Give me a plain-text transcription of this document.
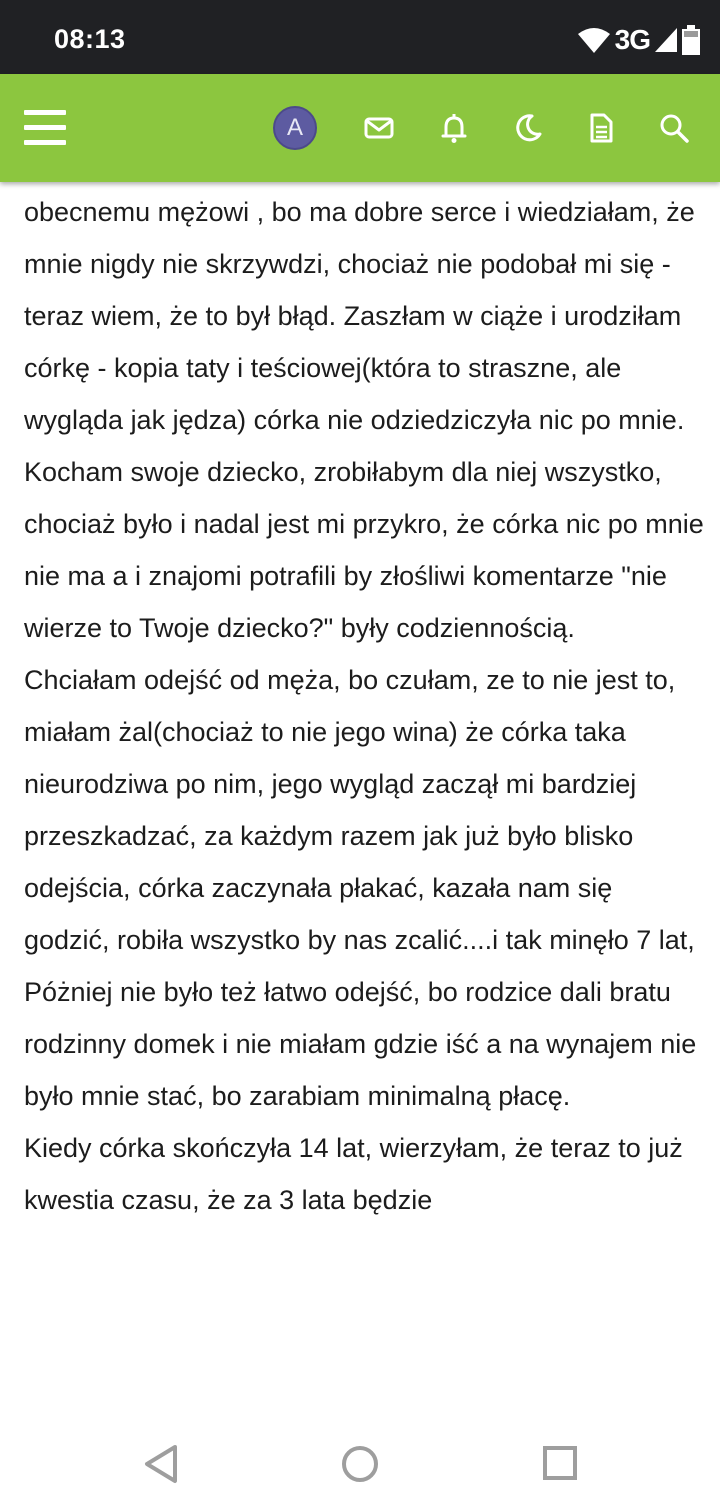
08:13	3G
A

obecnemu mężowi , bo ma dobre serce i wiedziałam, że mnie nigdy nie skrzywdzi, chociaż nie podobał mi się - teraz wiem, że to był błąd. Zaszłam w ciąże i urodziłam córkę - kopia taty i teściowej(która to straszne, ale wygląda jak jędza) córka nie odziedziczyła nic po mnie. Kocham swoje dziecko, zrobiłabym dla niej wszystko, chociaż było i nadal jest mi przykro, że córka nic po mnie nie ma a i znajomi potrafili by złośliwi komentarze "nie wierze to Twoje dziecko?" były codziennością.

Chciałam odejść od męża, bo czułam, ze to nie jest to, miałam żal(chociaż to nie jego wina) że córka taka nieurodziwa po nim, jego wygląd zaczął mi bardziej przeszkadzać, za każdym razem jak już było blisko odejścia, córka zaczynała płakać, kazała nam się godzić, robiła wszystko by nas zcalić....i tak minęło 7 lat, Póżniej nie było też łatwo odejść, bo rodzice dali bratu rodzinny domek i nie miałam gdzie iść a na wynajem nie było mnie stać, bo zarabiam minimalną płacę.

Kiedy córka skończyła 14 lat, wierzyłam, że teraz to już kwestia czasu, że za 3 lata będzie
